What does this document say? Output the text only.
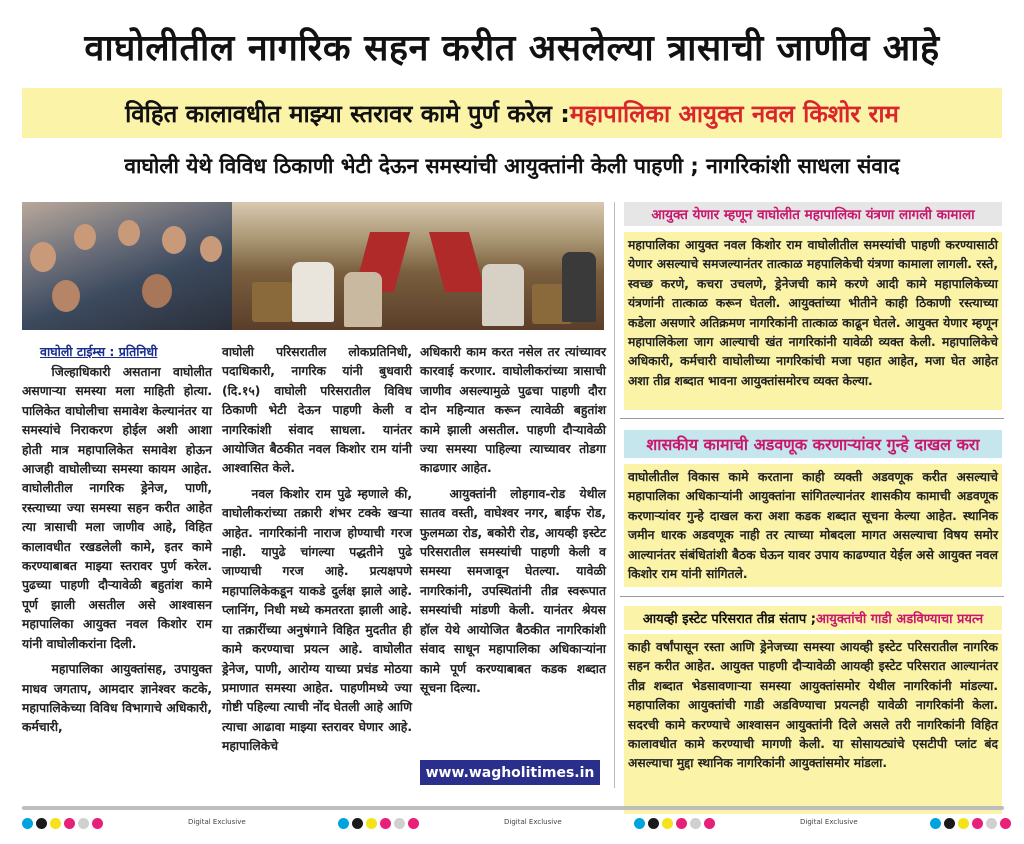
वाघोलीतील नागरिक सहन करीत असलेल्या त्रासाची जाणीव आहे
विहित कालावधीत माझ्या स्तरावर कामे पुर्ण करेल : महापालिका आयुक्त नवल किशोर राम
वाघोली येथे विविध ठिकाणी भेटी देऊन समस्यांची आयुक्तांनी केली पाहणी ; नागरिकांशी साधला संवाद
वाघोली टाईम्स : प्रतिनिधी

जिल्हाधिकारी असताना वाघोलीत असणाऱ्या समस्या मला माहिती होत्या. पालिकेत वाघोलीचा समावेश केल्यानंतर या समस्यांचे निराकरण होईल अशी आशा होती मात्र महापालिकेत समावेश होऊन आजही वाघोलीच्या समस्या कायम आहेत. वाघोलीतील नागरिक ड्रेनेज, पाणी, रस्त्याच्या ज्या समस्या सहन करीत आहेत त्या त्रासाची मला जाणीव आहे, विहित कालावधीत रखडलेली कामे, इतर कामे करण्याबाबत माझ्या स्तरावर पुर्ण करेल. पुढच्या पाहणी दौऱ्यावेळी बहुतांश कामे पूर्ण झाली असतील असे आश्वासन महापालिका आयुक्त नवल किशोर राम यांनी वाघोलीकरांना दिली.

महापालिका आयुक्तांसह, उपायुक्त माधव जगताप, आमदार ज्ञानेश्वर कटके, महापालिकेच्या विविध विभागाचे अधिकारी, कर्मचारी,

वाघोली परिसरातील लोकप्रतिनिधी, पदाधिकारी, नागरिक यांनी बुधवारी (दि.१५) वाघोली परिसरातील विविध ठिकाणी भेटी देऊन पाहणी केली व नागरिकांशी संवाद साधला. यानंतर आयोजित बैठकीत नवल किशोर राम यांनी आश्वासित केले.

नवल किशोर राम पुढे म्हणाले की, वाघोलीकरांच्या तक्रारी शंभर टक्के खऱ्या आहेत. नागरिकांनी नाराज होण्याची गरज नाही. यापुढे चांगल्या पद्धतीने पुढे जाण्याची गरज आहे. प्रत्यक्षपणे महापालिकेकडून याकडे दुर्लक्ष झाले आहे. प्लानिंग, निधी मध्ये कमतरता झाली आहे. या तक्रारींच्या अनुषंगाने विहित मुदतीत ही कामे करण्याचा प्रयत्न आहे. वाघोलीत ड्रेनेज, पाणी, आरोग्य याच्या प्रचंड मोठया प्रमाणात समस्या आहेत. पाहणीमध्ये ज्या गोष्टी पहिल्या त्याची नोंद घेतली आहे आणि त्याचा आढावा माझ्या स्तरावर घेणार आहे. महापालिकेचे

अधिकारी काम करत नसेल तर त्यांच्यावर कारवाई करणार. वाघोलीकरांच्या त्रासाची जाणीव असल्यामुळे पुढचा पाहणी दौरा दोन महिन्यात करून त्यावेळी बहुतांश कामे झाली असतील. पाहणी दौऱ्यावेळी ज्या समस्या पाहिल्या त्याच्यावर तोडगा काढणार आहेत.

आयुक्तांनी लोहगाव-रोड येथील सातव वस्ती, वाघेश्वर नगर, बाईफ रोड, फुलमळा रोड, बकोरी रोड, आयव्ही इस्टेट परिसरातील समस्यांची पाहणी केली व समस्या समजावून घेतल्या. यावेळी नागरिकांनी, उपस्थितांनी तीव्र स्वरूपात समस्यांची मांडणी केली. यानंतर श्रेयस हॉल येथे आयोजित बैठकीत नागरिकांशी संवाद साधून महापालिका अधिकाऱ्यांना कामे पूर्ण करण्याबाबत कडक शब्दात सूचना दिल्या.

www.wagholitimes.in
आयुक्त येणार म्हणून वाघोलीत महापालिका यंत्रणा लागली कामाला
महापालिका आयुक्त नवल किशोर राम वाघोलीतील समस्यांची पाहणी करण्यासाठी येणार असल्याचे समजल्यानंतर तात्काळ महपालिकेची यंत्रणा कामाला लागली. रस्ते, स्वच्छ करणे, कचरा उचलणे, ड्रेनेजची कामे करणे आदी कामे महापालिकेच्या यंत्रणांनी तात्काळ करून घेतली. आयुक्तांच्या भीतीने काही ठिकाणी रस्त्याच्या कडेला असणारे अतिक्रमण नागरिकांनी तात्काळ काढून घेतले. आयुक्त येणार म्हणून महापालिकेला जाग आल्याची खंत नागरिकांनी यावेळी व्यक्त केली. महापालिकेचे अधिकारी, कर्मचारी वाघोलीच्या नागरिकांची मजा पहात आहेत, मजा घेत आहेत अशा तीव्र शब्दात भावना आयुक्तांसमोरच व्यक्त केल्या.
शासकीय कामाची अडवणूक करणाऱ्यांवर गुन्हे दाखल करा
वाघोलीतील विकास कामे करताना काही व्यक्ती अडवणूक करीत असल्याचे महापालिका अधिकाऱ्यांनी आयुक्तांना सांगितल्यानंतर शासकीय कामाची अडवणूक करणाऱ्यांवर गुन्हे दाखल करा अशा कडक शब्दात सूचना केल्या आहेत. स्थानिक जमीन धारक अडवणूक नाही तर त्याच्या मोबदला मागत असल्याचा विषय समोर आल्यानंतर संबंधितांशी बैठक घेऊन यावर उपाय काढण्यात येईल असे आयुक्त नवल किशोर राम यांनी सांगितले.
आयव्ही इस्टेट परिसरात तीव्र संताप ; आयुक्तांची गाडी अडविण्याचा प्रयत्न
काही वर्षांपासून रस्ता आणि ड्रेनेजच्या समस्या आयव्ही इस्टेट परिसरातील नागरिक सहन करीत आहेत. आयुक्त पाहणी दौऱ्यावेळी आयव्ही इस्टेट परिसरात आल्यानंतर तीव्र शब्दात भेडसावणाऱ्या समस्या आयुक्तांसमोर येथील नागरिकांनी मांडल्या. महापालिका आयुक्तांची गाडी अडविण्याचा प्रयत्नही यावेळी नागरिकांनी केला. सदरची कामे करण्याचे आश्वासन आयुक्तांनी दिले असले तरी नागरिकांनी विहित कालावधीत कामे करण्याची मागणी केली. या सोसायट्यांचे एसटीपी प्लांट बंद असल्याचा मुद्दा स्थानिक नागरिकांनी आयुक्तांसमोर मांडला.
Digital Exclusive	Digital Exclusive	Digital Exclusive
